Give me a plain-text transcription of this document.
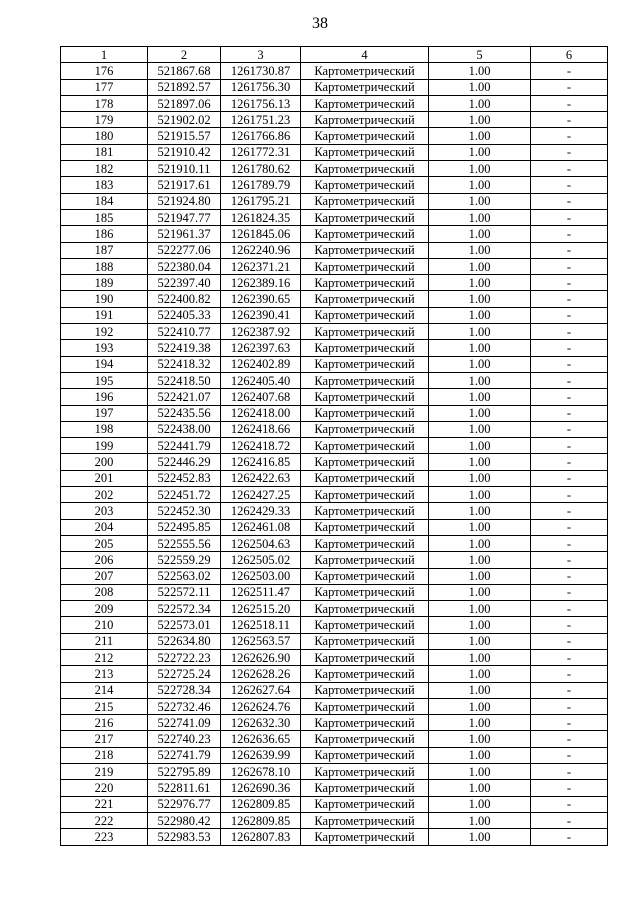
38
1	2	3	4	5	6
176	521867.68	1261730.87	Картометрический	1.00	-
177	521892.57	1261756.30	Картометрический	1.00	-
178	521897.06	1261756.13	Картометрический	1.00	-
179	521902.02	1261751.23	Картометрический	1.00	-
180	521915.57	1261766.86	Картометрический	1.00	-
181	521910.42	1261772.31	Картометрический	1.00	-
182	521910.11	1261780.62	Картометрический	1.00	-
183	521917.61	1261789.79	Картометрический	1.00	-
184	521924.80	1261795.21	Картометрический	1.00	-
185	521947.77	1261824.35	Картометрический	1.00	-
186	521961.37	1261845.06	Картометрический	1.00	-
187	522277.06	1262240.96	Картометрический	1.00	-
188	522380.04	1262371.21	Картометрический	1.00	-
189	522397.40	1262389.16	Картометрический	1.00	-
190	522400.82	1262390.65	Картометрический	1.00	-
191	522405.33	1262390.41	Картометрический	1.00	-
192	522410.77	1262387.92	Картометрический	1.00	-
193	522419.38	1262397.63	Картометрический	1.00	-
194	522418.32	1262402.89	Картометрический	1.00	-
195	522418.50	1262405.40	Картометрический	1.00	-
196	522421.07	1262407.68	Картометрический	1.00	-
197	522435.56	1262418.00	Картометрический	1.00	-
198	522438.00	1262418.66	Картометрический	1.00	-
199	522441.79	1262418.72	Картометрический	1.00	-
200	522446.29	1262416.85	Картометрический	1.00	-
201	522452.83	1262422.63	Картометрический	1.00	-
202	522451.72	1262427.25	Картометрический	1.00	-
203	522452.30	1262429.33	Картометрический	1.00	-
204	522495.85	1262461.08	Картометрический	1.00	-
205	522555.56	1262504.63	Картометрический	1.00	-
206	522559.29	1262505.02	Картометрический	1.00	-
207	522563.02	1262503.00	Картометрический	1.00	-
208	522572.11	1262511.47	Картометрический	1.00	-
209	522572.34	1262515.20	Картометрический	1.00	-
210	522573.01	1262518.11	Картометрический	1.00	-
211	522634.80	1262563.57	Картометрический	1.00	-
212	522722.23	1262626.90	Картометрический	1.00	-
213	522725.24	1262628.26	Картометрический	1.00	-
214	522728.34	1262627.64	Картометрический	1.00	-
215	522732.46	1262624.76	Картометрический	1.00	-
216	522741.09	1262632.30	Картометрический	1.00	-
217	522740.23	1262636.65	Картометрический	1.00	-
218	522741.79	1262639.99	Картометрический	1.00	-
219	522795.89	1262678.10	Картометрический	1.00	-
220	522811.61	1262690.36	Картометрический	1.00	-
221	522976.77	1262809.85	Картометрический	1.00	-
222	522980.42	1262809.85	Картометрический	1.00	-
223	522983.53	1262807.83	Картометрический	1.00	-
